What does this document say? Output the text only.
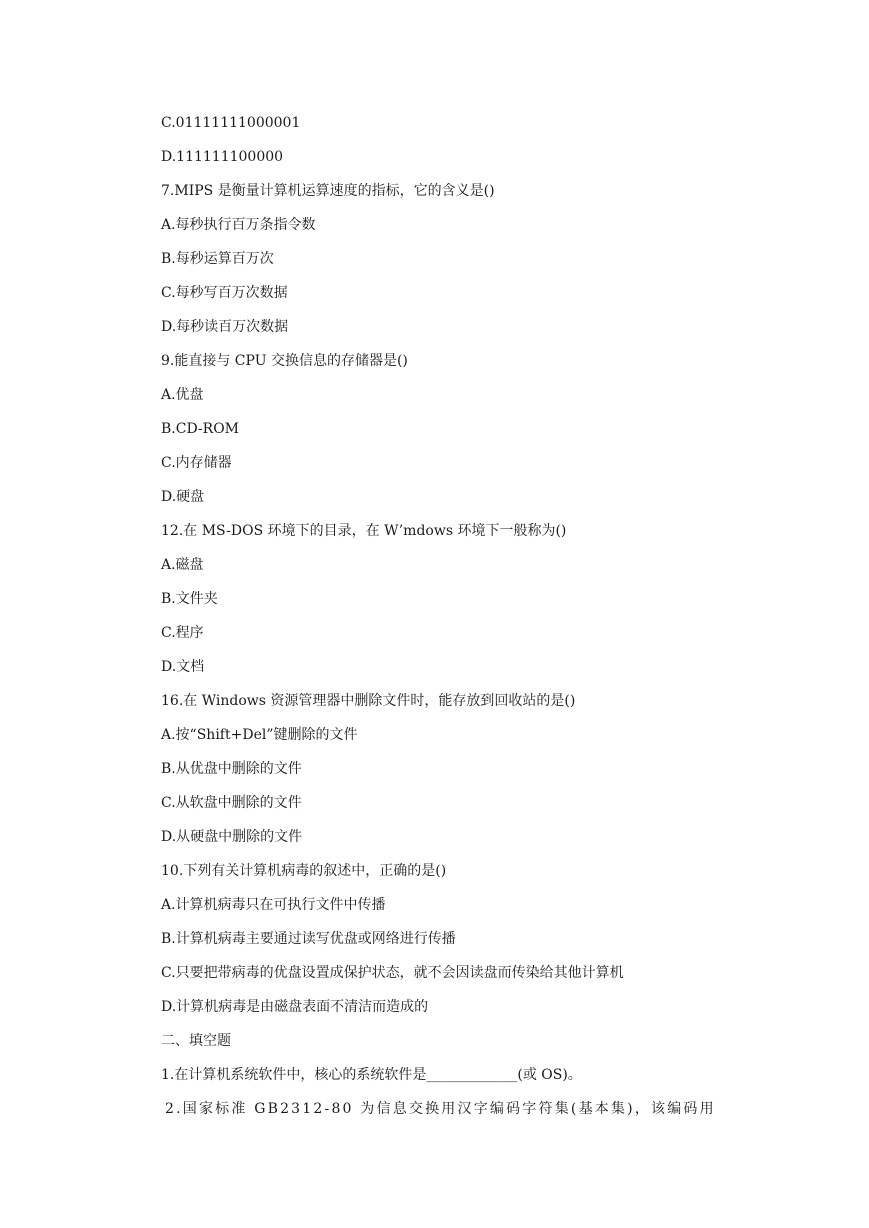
C.01111111000001
D.111111100000
7.MIPS 是衡量计算机运算速度的指标，它的含义是()
A.每秒执行百万条指令数
B.每秒运算百万次
C.每秒写百万次数据
D.每秒读百万次数据
9.能直接与 CPU 交换信息的存储器是()
A.优盘
B.CD-ROM
C.内存储器
D.硬盘
12.在 MS-DOS 环境下的目录，在 W’mdows 环境下一般称为()
A.磁盘
B.文件夹
C.程序
D.文档
16.在 Windows 资源管理器中删除文件时，能存放到回收站的是()
A.按“Shift+Del”键删除的文件
B.从优盘中删除的文件
C.从软盘中删除的文件
D.从硬盘中删除的文件
10.下列有关计算机病毒的叙述中，正确的是()
A.计算机病毒只在可执行文件中传播
B.计算机病毒主要通过读写优盘或网络进行传播
C.只要把带病毒的优盘设置成保护状态，就不会因读盘而传染给其他计算机
D.计算机病毒是由磁盘表面不清洁而造成的
二、填空题
1.在计算机系统软件中，核心的系统软件是_____________(或 OS)。
2.国家标准 GB2312-80 为信息交换用汉字编码字符集(基本集)，该编码用
